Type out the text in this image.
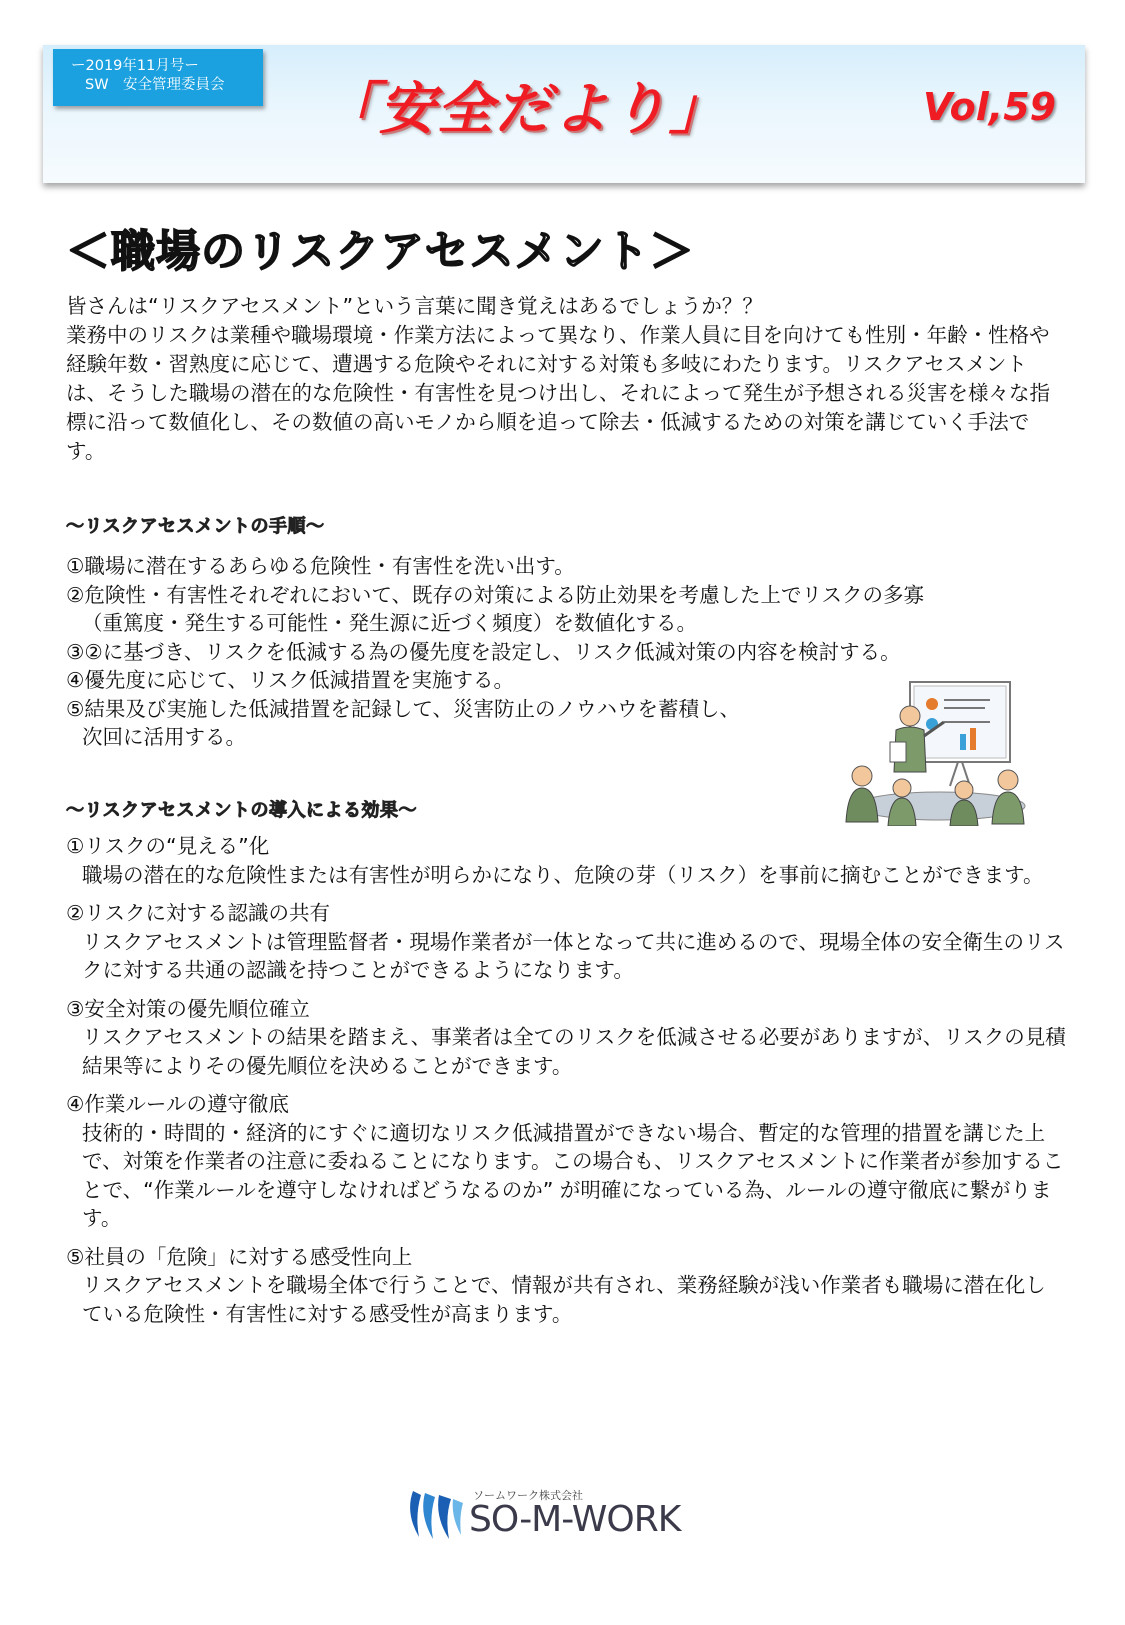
ー2019年11月号ー
SW　安全管理委員会	「安全だより」	Vol,59
＜職場のリスクアセスメント＞

皆さんは“リスクアセスメント”という言葉に聞き覚えはあるでしょうか？？

業務中のリスクは業種や職場環境・作業方法によって異なり、作業人員に目を向けても性別・年齢・性格や経験年数・習熟度に応じて、遭遇する危険やそれに対する対策も多岐にわたります。リスクアセスメントは、そうした職場の潜在的な危険性・有害性を見つけ出し、それによって発生が予想される災害を様々な指標に沿って数値化し、その数値の高いモノから順を追って除去・低減するための対策を講じていく手法です。

～リスクアセスメントの手順～
①職場に潜在するあらゆる危険性・有害性を洗い出す。
②危険性・有害性それぞれにおいて、既存の対策による防止効果を考慮した上でリスクの多寡
（重篤度・発生する可能性・発生源に近づく頻度）を数値化する。
③②に基づき、リスクを低減する為の優先度を設定し、リスク低減対策の内容を検討する。
④優先度に応じて、リスク低減措置を実施する。
⑤結果及び実施した低減措置を記録して、災害防止のノウハウを蓄積し、
次回に活用する。
～リスクアセスメントの導入による効果～
①リスクの“見える”化
職場の潜在的な危険性または有害性が明らかになり、危険の芽（リスク）を事前に摘むことができます。
②リスクに対する認識の共有
リスクアセスメントは管理監督者・現場作業者が一体となって共に進めるので、現場全体の安全衛生のリスクに対する共通の認識を持つことができるようになります。
③安全対策の優先順位確立
リスクアセスメントの結果を踏まえ、事業者は全てのリスクを低減させる必要がありますが、リスクの見積結果等によりその優先順位を決めることができます。
④作業ルールの遵守徹底
技術的・時間的・経済的にすぐに適切なリスク低減措置ができない場合、暫定的な管理的措置を講じた上で、対策を作業者の注意に委ねることになります。この場合も、リスクアセスメントに作業者が参加することで、“作業ルールを遵守しなければどうなるのか” が明確になっている為、ルールの遵守徹底に繋がります。
⑤社員の「危険」に対する感受性向上
リスクアセスメントを職場全体で行うことで、情報が共有され、業務経験が浅い作業者も職場に潜在化している危険性・有害性に対する感受性が高まります。
ソームワーク株式会社
SO-M-WORK
